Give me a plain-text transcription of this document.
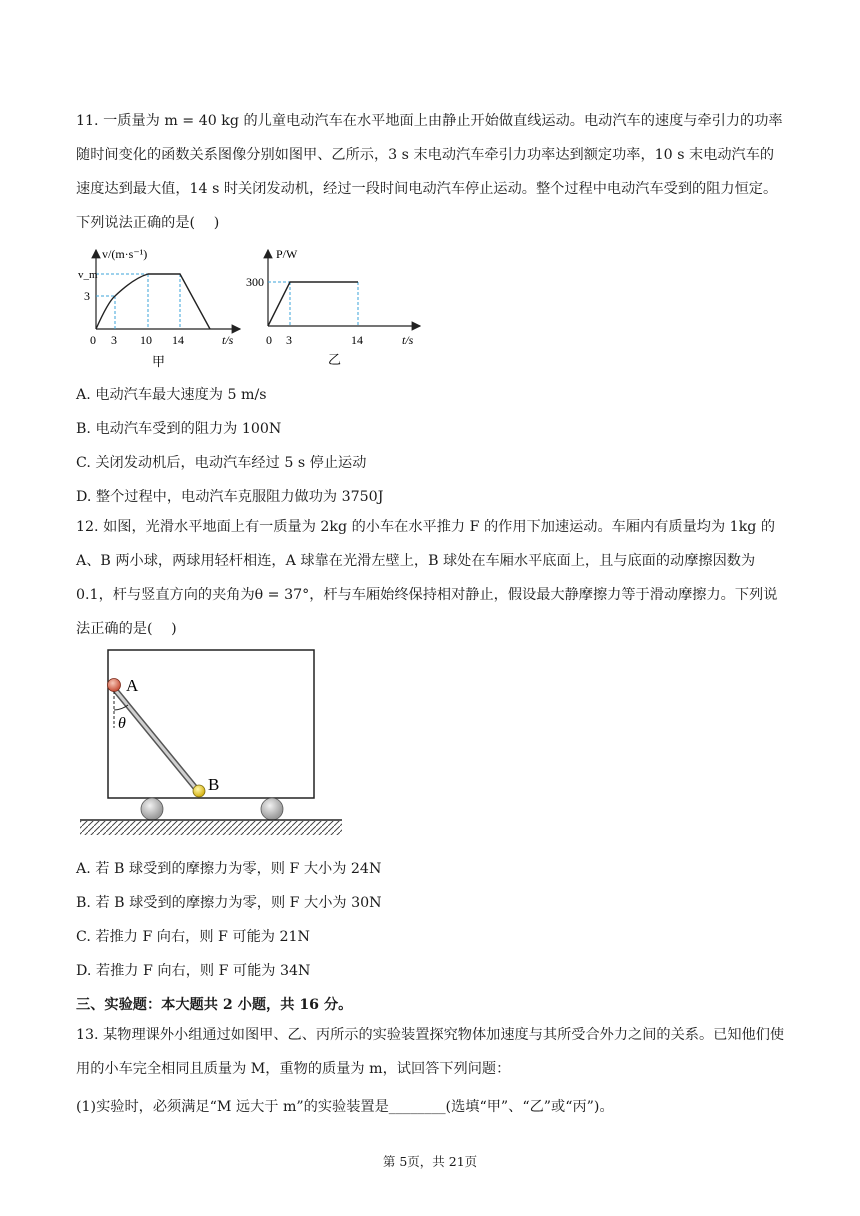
11. 一质量为 m = 40 kg 的儿童电动汽车在水平地面上由静止开始做直线运动。电动汽车的速度与牵引力的功率随时间变化的函数关系图像分别如图甲、乙所示，3 s 末电动汽车牵引力功率达到额定功率，10 s 末电动汽车的速度达到最大值，14 s 时关闭发动机，经过一段时间电动汽车停止运动。整个过程中电动汽车受到的阻力恒定。下列说法正确的是(　 )

v/(m·s⁻¹)
v_m
3
0 3 10 14	t/s
甲
P/W
300
0 3	14	t/s
乙
A. 电动汽车最大速度为 5 m/s
B. 电动汽车受到的阻力为 100N
C. 关闭发动机后，电动汽车经过 5 s 停止运动
D. 整个过程中，电动汽车克服阻力做功为 3750J

12. 如图，光滑水平地面上有一质量为 2kg 的小车在水平推力 F 的作用下加速运动。车厢内有质量均为 1kg 的 A、B 两小球，两球用轻杆相连，A 球靠在光滑左壁上，B 球处在车厢水平底面上，且与底面的动摩擦因数为 0.1，杆与竖直方向的夹角为θ = 37°，杆与车厢始终保持相对静止，假设最大静摩擦力等于滑动摩擦力。下列说法正确的是(　 )

A
B
θ
A. 若 B 球受到的摩擦力为零，则 F 大小为 24N
B. 若 B 球受到的摩擦力为零，则 F 大小为 30N
C. 若推力 F 向右，则 F 可能为 21N
D. 若推力 F 向右，则 F 可能为 34N
三、实验题：本大题共 2 小题，共 16 分。

13. 某物理课外小组通过如图甲、乙、丙所示的实验装置探究物体加速度与其所受合外力之间的关系。已知他们使用的小车完全相同且质量为 M，重物的质量为 m，试回答下列问题：

(1)实验时，必须满足“M 远大于 m”的实验装置是________(选填“甲”、“乙”或“丙”)。
第 5页，共 21页
